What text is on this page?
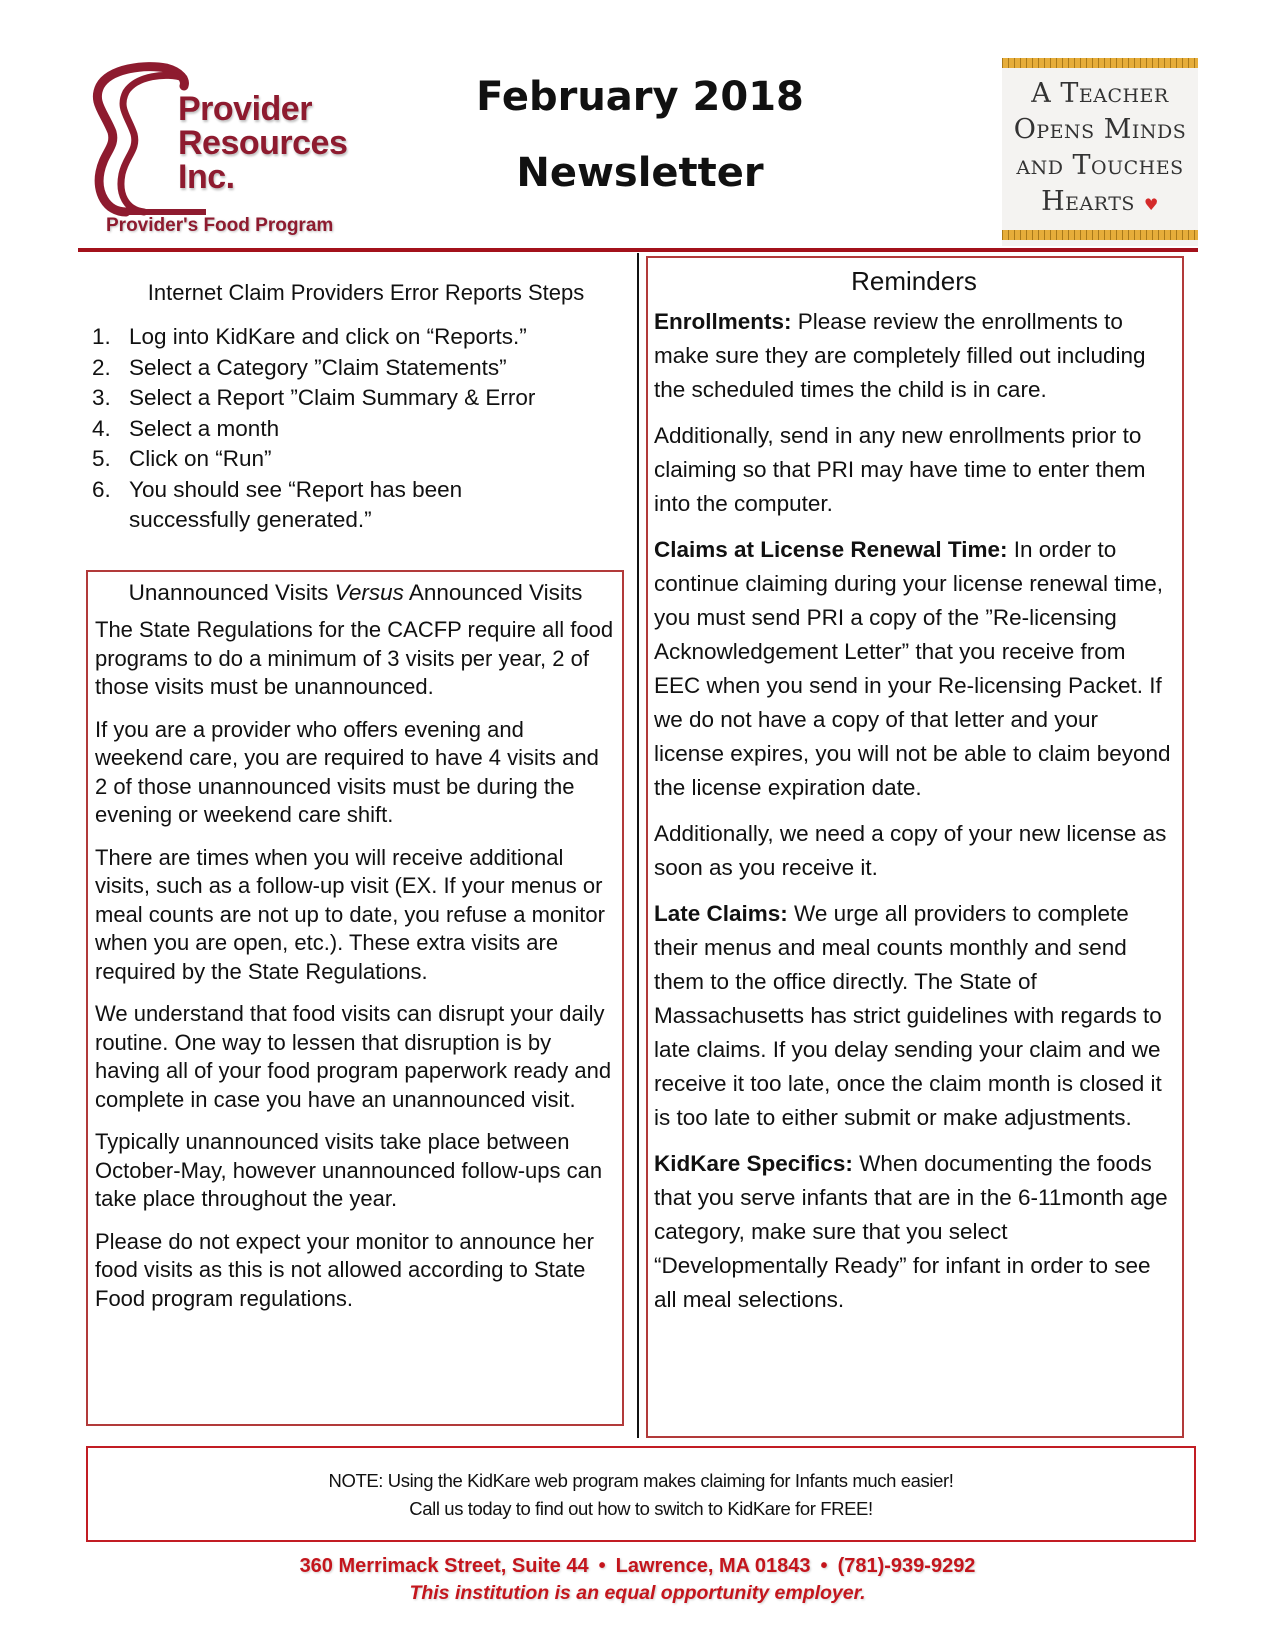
Provider
Resources
Inc.
Provider's Food Program
February 2018
Newsletter
A Teacher
Opens Minds
and Touches
Hearts ♥
Internet Claim Providers Error Reports Steps
1. Log into KidKare and click on “Reports.”
2. Select a Category ”Claim Statements”
3. Select a Report ”Claim Summary & Error
4. Select a month
5. Click on “Run”
6. You should see “Report has been successfully generated.”
Unannounced Visits Versus Announced Visits

The State Regulations for the CACFP require all food programs to do a minimum of 3 visits per year, 2 of those visits must be unannounced.

If you are a provider who offers evening and weekend care, you are required to have 4 visits and 2 of those unannounced visits must be during the evening or weekend care shift.

There are times when you will receive additional visits, such as a follow-up visit (EX. If your menus or meal counts are not up to date, you refuse a monitor when you are open, etc.). These extra visits are required by the State Regulations.

We understand that food visits can disrupt your daily routine. One way to lessen that disruption is by having all of your food program paperwork ready and complete in case you have an unannounced visit.

Typically unannounced visits take place between October-May, however unannounced follow-ups can take place throughout the year.

Please do not expect your monitor to announce her food visits as this is not allowed according to State Food program regulations.

Reminders

Enrollments: Please review the enrollments to make sure they are completely filled out including the scheduled times the child is in care.

Additionally, send in any new enrollments prior to claiming so that PRI may have time to enter them into the computer.

Claims at License Renewal Time: In order to continue claiming during your license renewal time, you must send PRI a copy of the ”Re-licensing Acknowledgement Letter” that you receive from EEC when you send in your Re-licensing Packet. If we do not have a copy of that letter and your license expires, you will not be able to claim beyond the license expiration date.

Additionally, we need a copy of your new license as soon as you receive it.

Late Claims: We urge all providers to complete their menus and meal counts monthly and send them to the office directly. The State of Massachusetts has strict guidelines with regards to late claims. If you delay sending your claim and we receive it too late, once the claim month is closed it is too late to either submit or make adjustments.

KidKare Specifics: When documenting the foods that you serve infants that are in the 6-11month age category, make sure that you select “Developmentally Ready” for infant in order to see all meal selections.

NOTE: Using the KidKare web program makes claiming for Infants much easier!
Call us today to find out how to switch to KidKare for FREE!
360 Merrimack Street, Suite 44 • Lawrence, MA 01843 • (781)-939-9292
This institution is an equal opportunity employer.
